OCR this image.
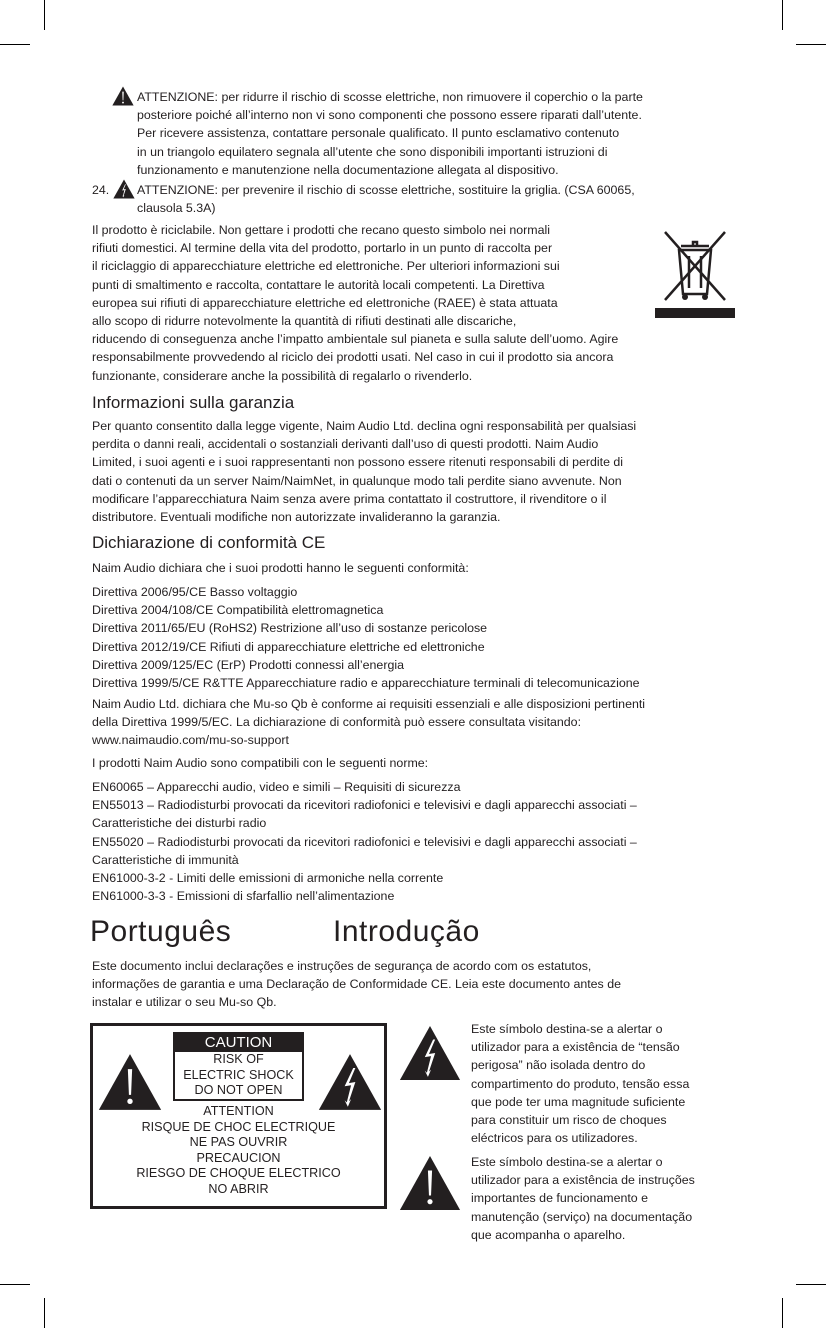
ATTENZIONE: per ridurre il rischio di scosse elettriche, non rimuovere il coperchio o la parte
posteriore poiché all’interno non vi sono componenti che possono essere riparati dall’utente.
Per ricevere assistenza, contattare personale qualificato. Il punto esclamativo contenuto
in un triangolo equilatero segnala all’utente che sono disponibili importanti istruzioni di
funzionamento e manutenzione nella documentazione allegata al dispositivo.
24. ATTENZIONE: per prevenire il rischio di scosse elettriche, sostituire la griglia. (CSA 60065,
clausola 5.3A)
Il prodotto è riciclabile. Non gettare i prodotti che recano questo simbolo nei normali
rifiuti domestici. Al termine della vita del prodotto, portarlo in un punto di raccolta per
il riciclaggio di apparecchiature elettriche ed elettroniche. Per ulteriori informazioni sui
punti di smaltimento e raccolta, contattare le autorità locali competenti. La Direttiva
europea sui rifiuti di apparecchiature elettriche ed elettroniche (RAEE) è stata attuata
allo scopo di ridurre notevolmente la quantità di rifiuti destinati alle discariche,
riducendo di conseguenza anche l’impatto ambientale sul pianeta e sulla salute dell’uomo. Agire
responsabilmente provvedendo al riciclo dei prodotti usati. Nel caso in cui il prodotto sia ancora
funzionante, considerare anche la possibilità di regalarlo o rivenderlo.
Informazioni sulla garanzia
Per quanto consentito dalla legge vigente, Naim Audio Ltd. declina ogni responsabilità per qualsiasi
perdita o danni reali, accidentali o sostanziali derivanti dall’uso di questi prodotti. Naim Audio
Limited, i suoi agenti e i suoi rappresentanti non possono essere ritenuti responsabili di perdite di
dati o contenuti da un server Naim/NaimNet, in qualunque modo tali perdite siano avvenute. Non
modificare l’apparecchiatura Naim senza avere prima contattato il costruttore, il rivenditore o il
distributore. Eventuali modifiche non autorizzate invalideranno la garanzia.
Dichiarazione di conformità CE
Naim Audio dichiara che i suoi prodotti hanno le seguenti conformità:
Direttiva 2006/95/CE Basso voltaggio
Direttiva 2004/108/CE Compatibilità elettromagnetica
Direttiva 2011/65/EU (RoHS2) Restrizione all’uso di sostanze pericolose
Direttiva 2012/19/CE Rifiuti di apparecchiature elettriche ed elettroniche
Direttiva 2009/125/EC (ErP) Prodotti connessi all’energia
Direttiva 1999/5/CE R&TTE Apparecchiature radio e apparecchiature terminali di telecomunicazione
Naim Audio Ltd. dichiara che Mu-so Qb è conforme ai requisiti essenziali e alle disposizioni pertinenti
della Direttiva 1999/5/EC. La dichiarazione di conformità può essere consultata visitando:
www.naimaudio.com/mu-so-support
I prodotti Naim Audio sono compatibili con le seguenti norme:
EN60065 – Apparecchi audio, video e simili – Requisiti di sicurezza
EN55013 – Radiodisturbi provocati da ricevitori radiofonici e televisivi e dagli apparecchi associati –
Caratteristiche dei disturbi radio
EN55020 – Radiodisturbi provocati da ricevitori radiofonici e televisivi e dagli apparecchi associati –
Caratteristiche di immunità
EN61000-3-2 - Limiti delle emissioni di armoniche nella corrente
EN61000-3-3 - Emissioni di sfarfallio nell’alimentazione
Português	Introdução
Este documento inclui declarações e instruções de segurança de acordo com os estatutos,
informações de garantia e uma Declaração de Conformidade CE. Leia este documento antes de
instalar e utilizar o seu Mu-so Qb.
CAUTION
RISK OF
ELECTRIC SHOCK
DO NOT OPEN
ATTENTION
RISQUE DE CHOC ELECTRIQUE
NE PAS OUVRIR
PRECAUCION
RIESGO DE CHOQUE ELECTRICO
NO ABRIR
Este símbolo destina-se a alertar o
utilizador para a existência de “tensão
perigosa” não isolada dentro do
compartimento do produto, tensão essa
que pode ter uma magnitude suficiente
para constituir um risco de choques
eléctricos para os utilizadores.
Este símbolo destina-se a alertar o
utilizador para a existência de instruções
importantes de funcionamento e
manutenção (serviço) na documentação
que acompanha o aparelho.
